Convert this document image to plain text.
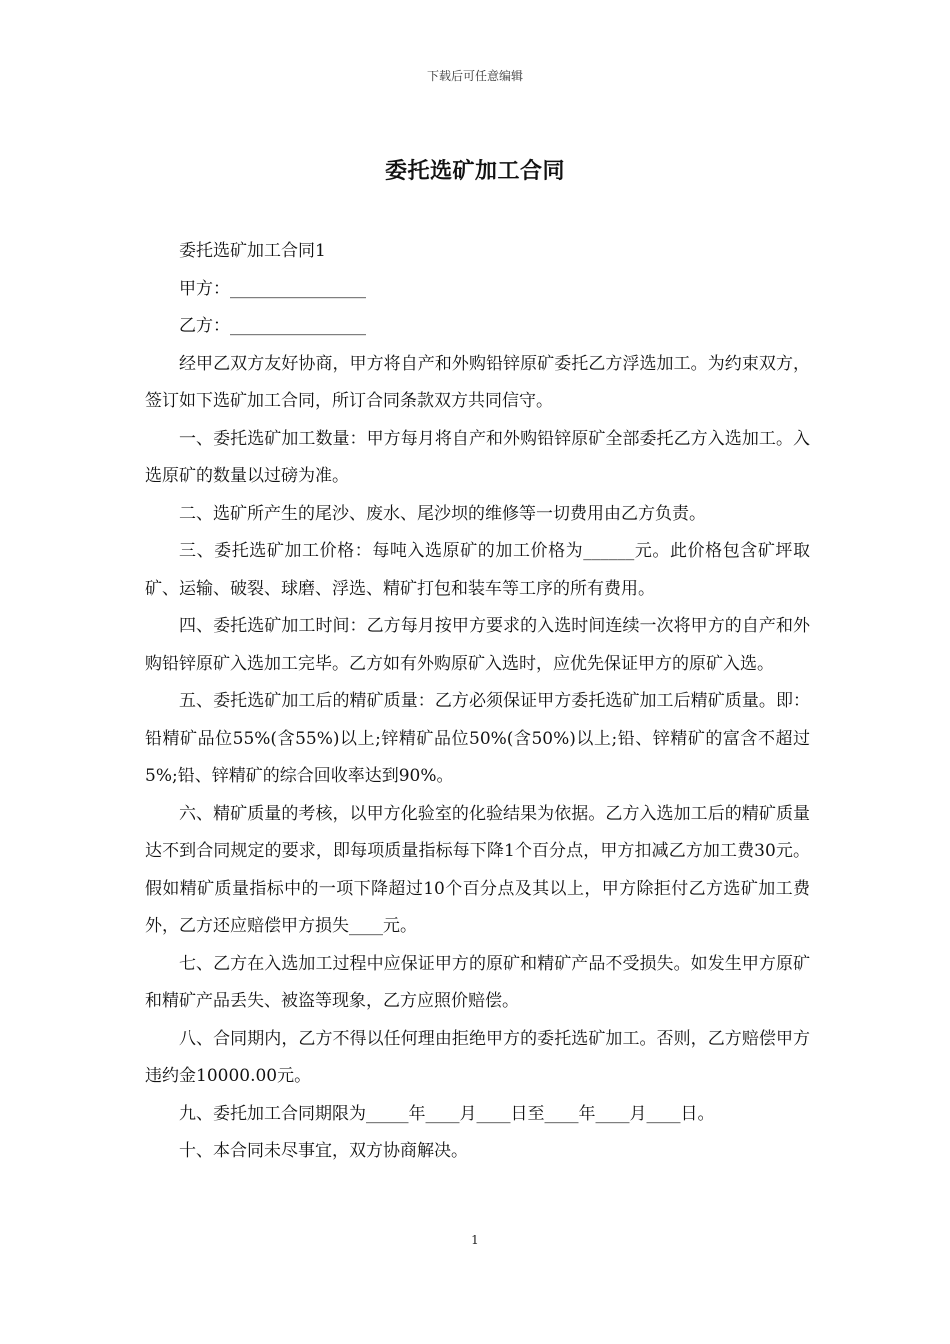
下载后可任意编辑
委托选矿加工合同

委托选矿加工合同1

甲方：________________

乙方：________________

经甲乙双方友好协商，甲方将自产和外购铅锌原矿委托乙方浮选加工。为约束双方，签订如下选矿加工合同，所订合同条款双方共同信守。

一、委托选矿加工数量：甲方每月将自产和外购铅锌原矿全部委托乙方入选加工。入选原矿的数量以过磅为准。

二、选矿所产生的尾沙、废水、尾沙坝的维修等一切费用由乙方负责。

三、委托选矿加工价格：每吨入选原矿的加工价格为______元。此价格包含矿坪取矿、运输、破裂、球磨、浮选、精矿打包和装车等工序的所有费用。

四、委托选矿加工时间：乙方每月按甲方要求的入选时间连续一次将甲方的自产和外购铅锌原矿入选加工完毕。乙方如有外购原矿入选时，应优先保证甲方的原矿入选。

五、委托选矿加工后的精矿质量：乙方必须保证甲方委托选矿加工后精矿质量。即：铅精矿品位55%(含55%)以上;锌精矿品位50%(含50%)以上;铅、锌精矿的富含不超过5%;铅、锌精矿的综合回收率达到90%。

六、精矿质量的考核，以甲方化验室的化验结果为依据。乙方入选加工后的精矿质量达不到合同规定的要求，即每项质量指标每下降1个百分点，甲方扣减乙方加工费30元。假如精矿质量指标中的一项下降超过10个百分点及其以上，甲方除拒付乙方选矿加工费外，乙方还应赔偿甲方损失____元。

七、乙方在入选加工过程中应保证甲方的原矿和精矿产品不受损失。如发生甲方原矿和精矿产品丢失、被盗等现象，乙方应照价赔偿。

八、合同期内，乙方不得以任何理由拒绝甲方的委托选矿加工。否则，乙方赔偿甲方违约金10000.00元。

九、委托加工合同期限为_____年____月____日至____年____月____日。

十、本合同未尽事宜，双方协商解决。

1
